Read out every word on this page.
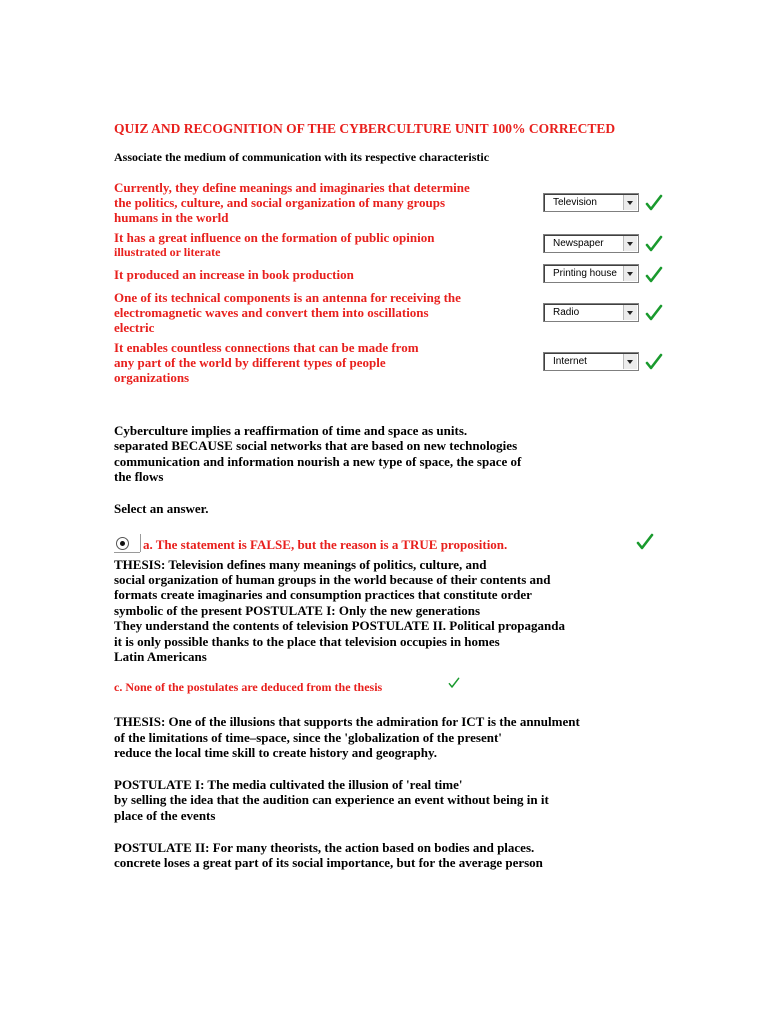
QUIZ AND RECOGNITION OF THE CYBERCULTURE UNIT 100% CORRECTED
Associate the medium of communication with its respective characteristic
Currently, they define meanings and imaginaries that determine
the politics, culture, and social organization of many groups
humans in the world
Television
It has a great influence on the formation of public opinion
illustrated or literate
Newspaper
It produced an increase in book production	Printing house
One of its technical components is an antenna for receiving the
electromagnetic waves and convert them into oscillations
electric
Radio
It enables countless connections that can be made from
any part of the world by different types of people
organizations
Internet
Cyberculture implies a reaffirmation of time and space as units.
separated BECAUSE social networks that are based on new technologies
communication and information nourish a new type of space, the space of
the flows
Select an answer.
a. The statement is FALSE, but the reason is a TRUE proposition.
THESIS: Television defines many meanings of politics, culture, and
social organization of human groups in the world because of their contents and
formats create imaginaries and consumption practices that constitute order
symbolic of the present POSTULATE I: Only the new generations
They understand the contents of television POSTULATE II. Political propaganda
it is only possible thanks to the place that television occupies in homes
Latin Americans
c. None of the postulates are deduced from the thesis
THESIS: One of the illusions that supports the admiration for ICT is the annulment
of the limitations of time–space, since the 'globalization of the present'
reduce the local time skill to create history and geography.
POSTULATE I: The media cultivated the illusion of 'real time'
by selling the idea that the audition can experience an event without being in it
place of the events
POSTULATE II: For many theorists, the action based on bodies and places.
concrete loses a great part of its social importance, but for the average person
